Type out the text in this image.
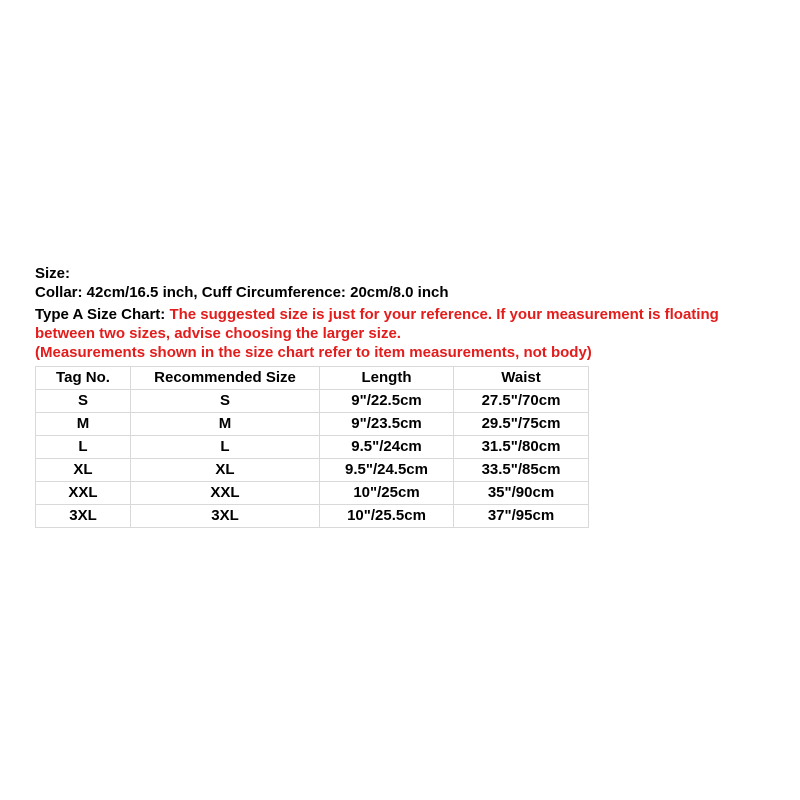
Size:

Collar: 42cm/16.5 inch, Cuff Circumference: 20cm/8.0 inch

Type A Size Chart: The suggested size is just for your reference. If your measurement is floating between two sizes, advise choosing the larger size.

(Measurements shown in the size chart refer to item measurements, not body)

Tag No.	Recommended Size	Length	Waist
S	S	9"/22.5cm	27.5"/70cm
M	M	9"/23.5cm	29.5"/75cm
L	L	9.5"/24cm	31.5"/80cm
XL	XL	9.5"/24.5cm	33.5"/85cm
XXL	XXL	10"/25cm	35"/90cm
3XL	3XL	10"/25.5cm	37"/95cm
